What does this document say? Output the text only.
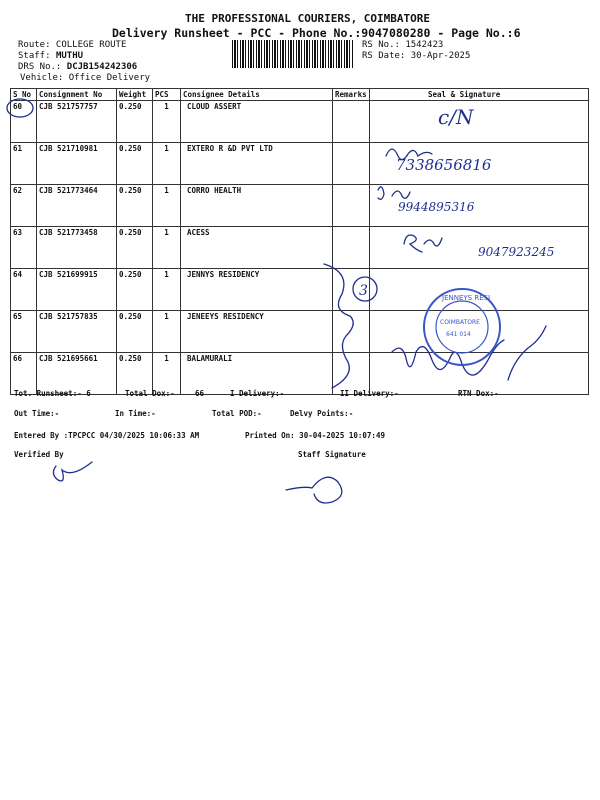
THE PROFESSIONAL COURIERS, COIMBATORE
Delivery Runsheet - PCC - Phone No.:9047080280 - Page No.:6
Route: COLLEGE ROUTE
Staff: MUTHU
DRS No.: DCJB154242306
Vehicle: Office Delivery
RS No.: 1542423
RS Date: 30-Apr-2025
S No	Consignment No	Weight	PCS	Consignee Details	Remarks	Seal & Signature
60	CJB 521757757	0.250	1	CLOUD ASSERT		
61	CJB 521710981	0.250	1	EXTERO R &D PVT LTD		
62	CJB 521773464	0.250	1	CORRO HEALTH		
63	CJB 521773458	0.250	1	ACESS		
64	CJB 521699915	0.250	1	JENNYS RESIDENCY		
65	CJB 521757835	0.250	1	JENEEYS RESIDENCY		
66	CJB 521695661	0.250	1	BALAMURALI		
JENNEYS RESI
COIMBATORE
641 014
c/N
7338656816
9944895316
9047923245
3
Tot. Runsheet:- 6	Total Dox:-	66	I Delivery:-	II Delivery:-	RTN Dox:-
Out Time:-	In Time:-	Total POD:-	Delvy Points:-
Entered By :TPCPCC 04/30/2025 10:06:33 AM	Printed On: 30-04-2025 10:07:49
Verified By	Staff Signature
